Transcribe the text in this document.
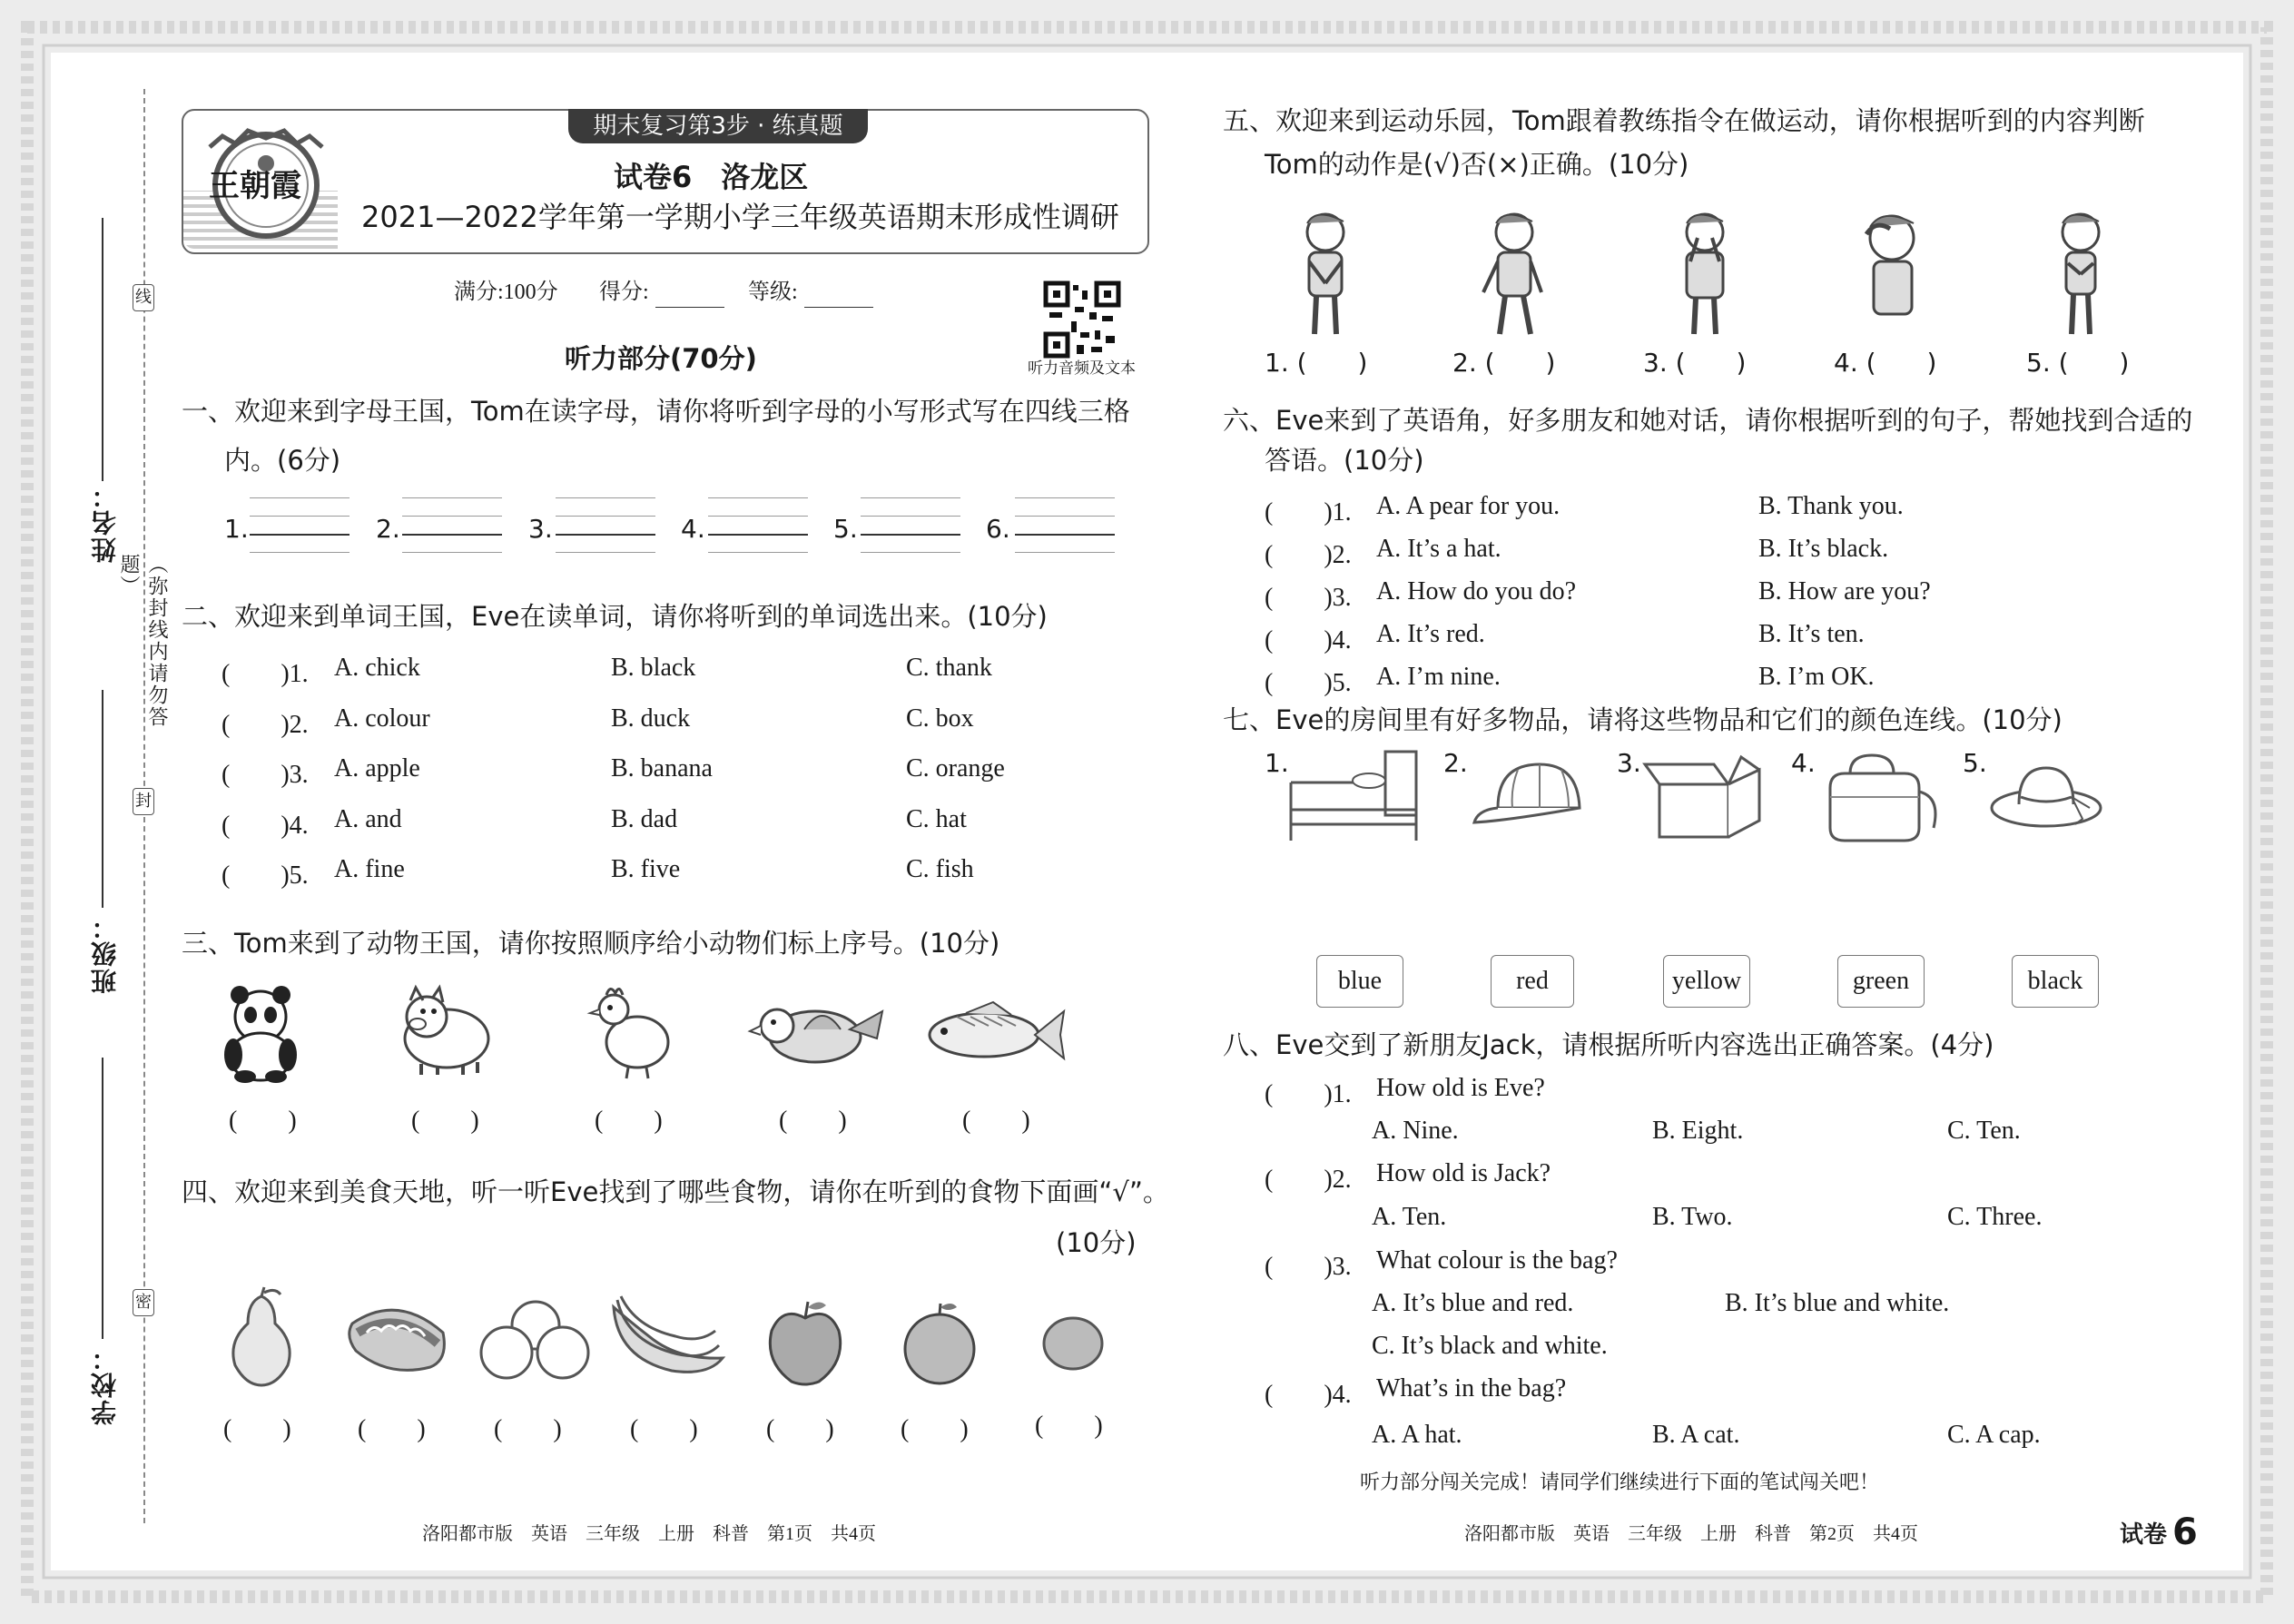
线
封
密
（弥封线内请勿答题）
姓名：
班级：
学校：
王朝霞
期末复习第3步 · 练真题
试卷6　洛龙区
2021—2022学年第一学期小学三年级英语期末形成性调研
满分:100分 得分:	等级:
听力音频及文本
听力部分(70分)
一、欢迎来到字母王国，Tom在读字母，请你将听到字母的小写形式写在四线三格
内。(6分)
1.	2.	3.	4.	5.	6.
二、欢迎来到单词王国，Eve在读单词，请你将听到的单词选出来。(10分)
(　　)1. A. chick	B. black	C. thank
(　　)2. A. colour	B. duck	C. box
(　　)3. A. apple	B. banana	C. orange
(　　)4. A. and	B. dad	C. hat
(　　)5. A. fine	B. five	C. fish
三、Tom来到了动物王国，请你按照顺序给小动物们标上序号。(10分)
(　　)	(　　)	(　　)	(　　)	(　　)
四、欢迎来到美食天地，听一听Eve找到了哪些食物，请你在听到的食物下面画“√”。
(10分)
(　　)	(　　)	(　　)	(　　)	(　　)	(　　)	(　　)
洛阳都市版　英语　三年级　上册　科普　第1页　共4页
五、欢迎来到运动乐园，Tom跟着教练指令在做运动，请你根据听到的内容判断
Tom的动作是(√)否(×)正确。(10分)
1. (　　)	2. (　　)	3. (　　)	4. (　　)	5. (　　)
六、Eve来到了英语角，好多朋友和她对话，请你根据听到的句子，帮她找到合适的
答语。(10分)
(　　)1. A. A pear for you.	B. Thank you.
(　　)2. A. It’s a hat.	B. It’s black.
(　　)3. A. How do you do?	B. How are you?
(　　)4. A. It’s red.	B. It’s ten.
(　　)5. A. I’m nine.	B. I’m OK.
七、Eve的房间里有好多物品，请将这些物品和它们的颜色连线。(10分)
1.	2.	3.	4.	5.
blue	red	yellow	green	black
八、Eve交到了新朋友Jack，请根据所听内容选出正确答案。(4分)
(　　)1. How old is Eve?
A. Nine.	B. Eight.	C. Ten.
(　　)2. How old is Jack?
A. Ten.	B. Two.	C. Three.
(　　)3. What colour is the bag?
A. It’s blue and red.	B. It’s blue and white.
C. It’s black and white.
(　　)4. What’s in the bag?
A. A hat.	B. A cat.	C. A cap.
听力部分闯关完成！请同学们继续进行下面的笔试闯关吧！
洛阳都市版　英语　三年级　上册　科普　第2页　共4页	试卷 6
